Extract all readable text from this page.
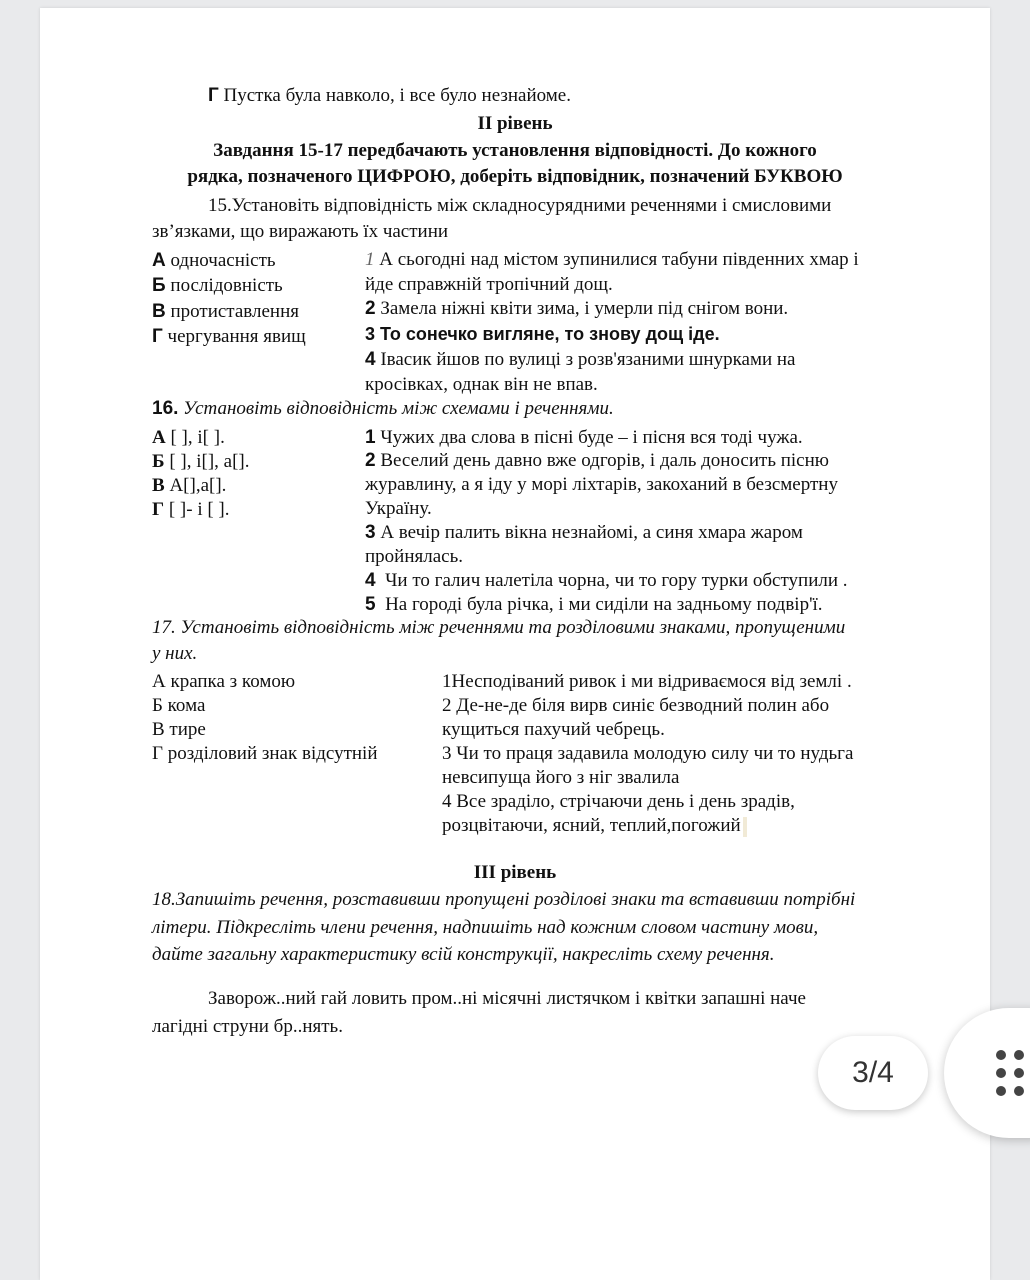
Г Пустка була навколо, і все було незнайоме.
ІІ рівень
Завдання 15-17 передбачають установлення відповідності. До кожного
рядка, позначеного ЦИФРОЮ, доберіть відповідник, позначений БУКВОЮ
15.Установіть відповідність між складносурядними реченнями і смисловими
зв’язками, що виражають їх частини
А одночасність
Б послідовність
В протиставлення
Г чергування явищ
1 А сьогодні над містом зупинилися табуни південних хмар і
йде справжній тропічний дощ.
2 Замела ніжні квіти зима, і умерли під снігом вони.
3 То сонечко вигляне, то знову дощ іде.
4 Івасик йшов по вулиці з розв'язаними шнурками на
кросівках, однак він не впав.
16. Установіть відповідність між схемами і реченнями.
А [ ], і[ ].
Б [ ], і[], а[].
В А[],а[].
Г [ ]- і [ ].
1 Чужих два слова в пісні буде – і пісня вся тоді чужа.
2 Веселий день давно вже одгорів, і даль доносить пісню
журавлину, а я іду у морі ліхтарів, закоханий в безсмертну
Україну.
3 А вечір палить вікна незнайомі, а синя хмара жаром
пройнялась.
4 Чи то галич налетіла чорна, чи то гору турки обступили .
5 На городі була річка, і ми сиділи на задньому подвір'ї.
17. Установіть відповідність між реченнями та розділовими знаками, пропущеними
у них.
А крапка з комою
Б кома
В тире
Г розділовий знак відсутній
1Несподіваний ривок і ми відриваємося від землі .
2 Де-не-де біля вирв синіє безводний полин або
кущиться пахучий чебрець.
3 Чи то праця задавила молодую силу чи то нудьга
невсипуща його з ніг звалила
4 Все зраділо, стрічаючи день і день зрадів,
розцвітаючи, ясний, теплий,погожий
ІІІ рівень
18.Запишіть речення, розставивши пропущені розділові знаки та вставивши потрібні
літери. Підкресліть члени речення, надпишіть над кожним словом частину мови,
дайте загальну характеристику всій конструкції, накресліть схему речення.
Заворож..ний гай ловить пром..ні місячні листячком і квітки запашні наче
лагідні струни бр..нять.
3/4
